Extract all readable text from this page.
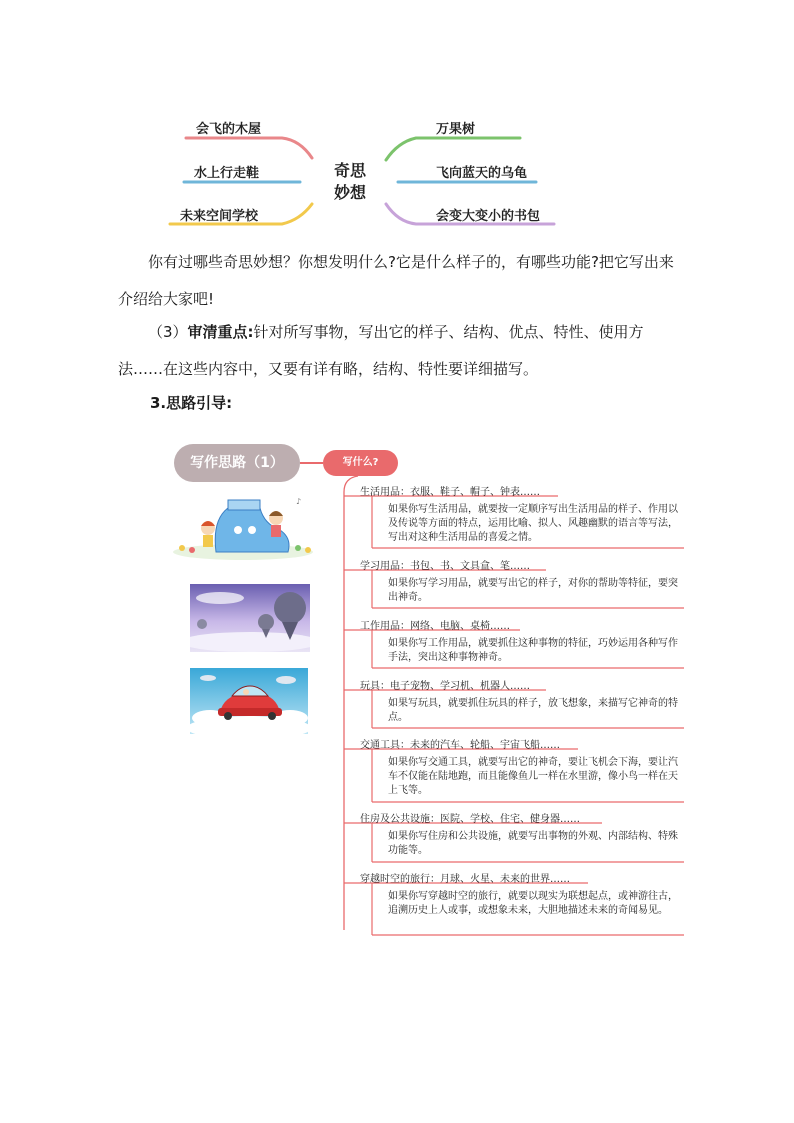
会飞的木屋
水上行走鞋
未来空间学校
奇思
妙想
万果树
飞向蓝天的乌龟
会变大变小的书包
你有过哪些奇思妙想？你想发明什么?它是什么样子的，有哪些功能?把它写出来介绍给大家吧!
（3）审清重点:针对所写事物，写出它的样子、结构、优点、特性、使用方法……在这些内容中，又要有详有略，结构、特性要详细描写。
3.思路引导:
写作思路（1）	写什么?
生活用品：衣服、鞋子、帽子、钟表……
如果你写生活用品，就要按一定顺序写出生活用品的样子、作用以及传说等方面的特点，运用比喻、拟人、风趣幽默的语言等写法，写出对这种生活用品的喜爱之情。
学习用品：书包、书、文具盒、笔……
如果你写学习用品，就要写出它的样子，对你的帮助等特征，要突出神奇。
工作用品：网络、电脑、桌椅……
如果你写工作用品，就要抓住这种事物的特征，巧妙运用各种写作手法，突出这种事物神奇。
玩具：电子宠物、学习机、机器人……
如果写玩具，就要抓住玩具的样子，放飞想象，来描写它神奇的特点。
交通工具：未来的汽车、轮船、宇宙飞船……
如果你写交通工具，就要写出它的神奇，要让飞机会下海，要让汽车不仅能在陆地跑，而且能像鱼儿一样在水里游，像小鸟一样在天上飞等。
住房及公共设施：医院、学校、住宅、健身器……
如果你写住房和公共设施，就要写出事物的外观、内部结构、特殊功能等。
穿越时空的旅行：月球、火星、未来的世界……
如果你写穿越时空的旅行，就要以现实为联想起点，或神游往古，追溯历史上人或事，或想象未来，大胆地描述未来的奇闻易见。
♪
